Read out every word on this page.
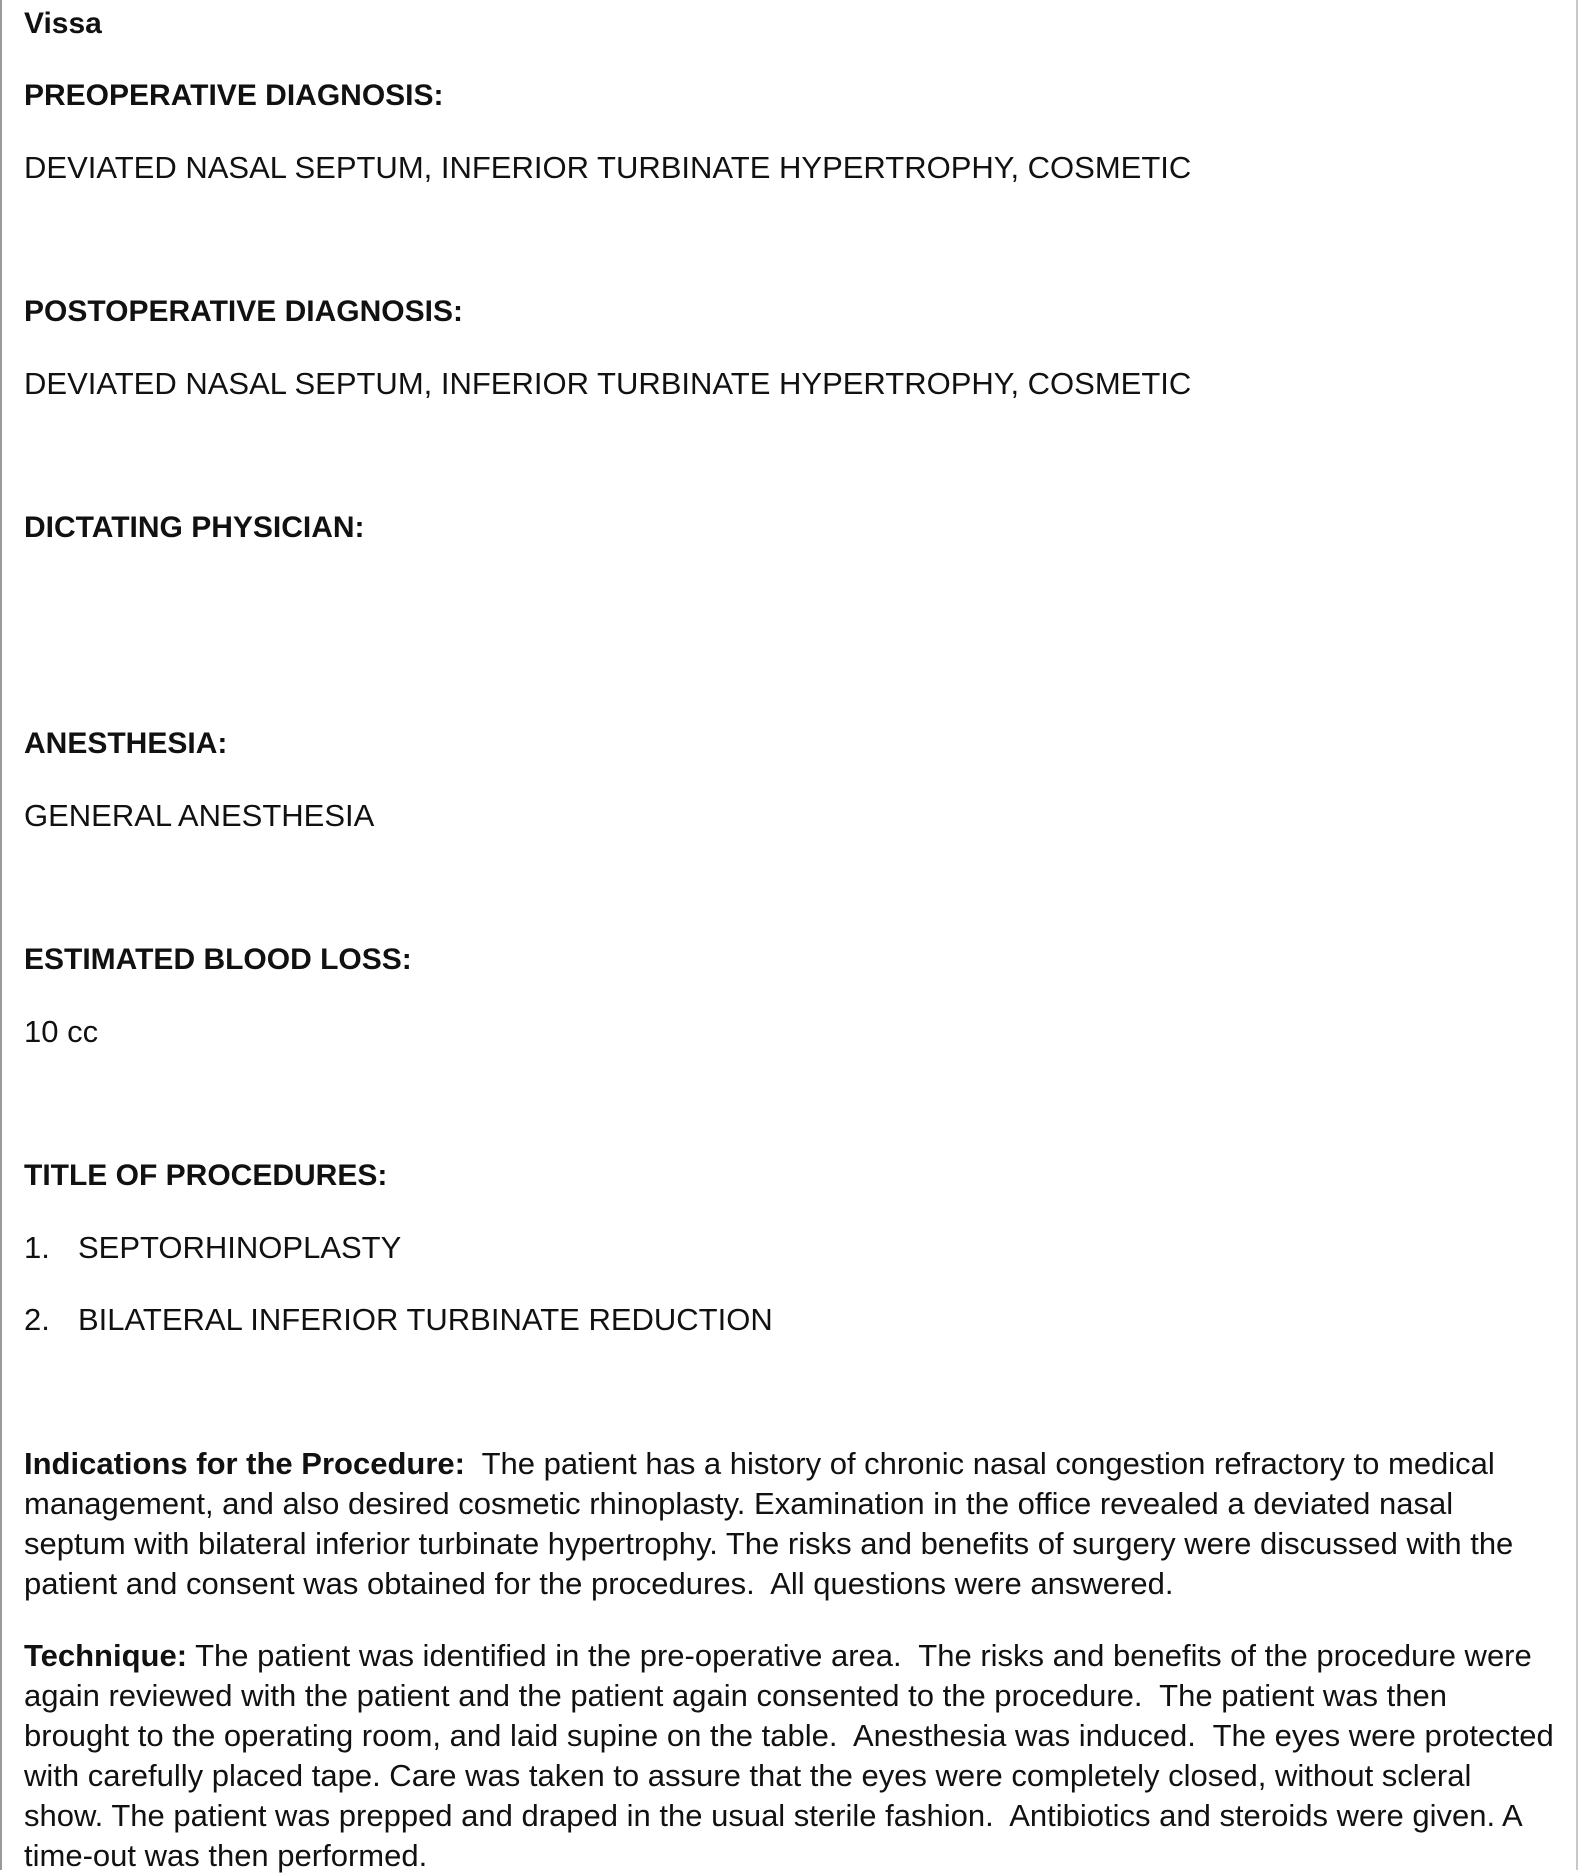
Vissa
PREOPERATIVE DIAGNOSIS:
DEVIATED NASAL SEPTUM, INFERIOR TURBINATE HYPERTROPHY, COSMETIC
POSTOPERATIVE DIAGNOSIS:
DEVIATED NASAL SEPTUM, INFERIOR TURBINATE HYPERTROPHY, COSMETIC
DICTATING PHYSICIAN:
ANESTHESIA:
GENERAL ANESTHESIA
ESTIMATED BLOOD LOSS:
10 cc
TITLE OF PROCEDURES:
1. SEPTORHINOPLASTY
2. BILATERAL INFERIOR TURBINATE REDUCTION
Indications for the Procedure:  The patient has a history of chronic nasal congestion refractory to medical management, and also desired cosmetic rhinoplasty. Examination in the office revealed a deviated nasal septum with bilateral inferior turbinate hypertrophy. The risks and benefits of surgery were discussed with the patient and consent was obtained for the procedures.  All questions were answered.
Technique: The patient was identified in the pre-operative area.  The risks and benefits of the procedure were again reviewed with the patient and the patient again consented to the procedure.  The patient was then brought to the operating room, and laid supine on the table.  Anesthesia was induced.  The eyes were protected with carefully placed tape. Care was taken to assure that the eyes were completely closed, without scleral show. The patient was prepped and draped in the usual sterile fashion.  Antibiotics and steroids were given. A time-out was then performed.
